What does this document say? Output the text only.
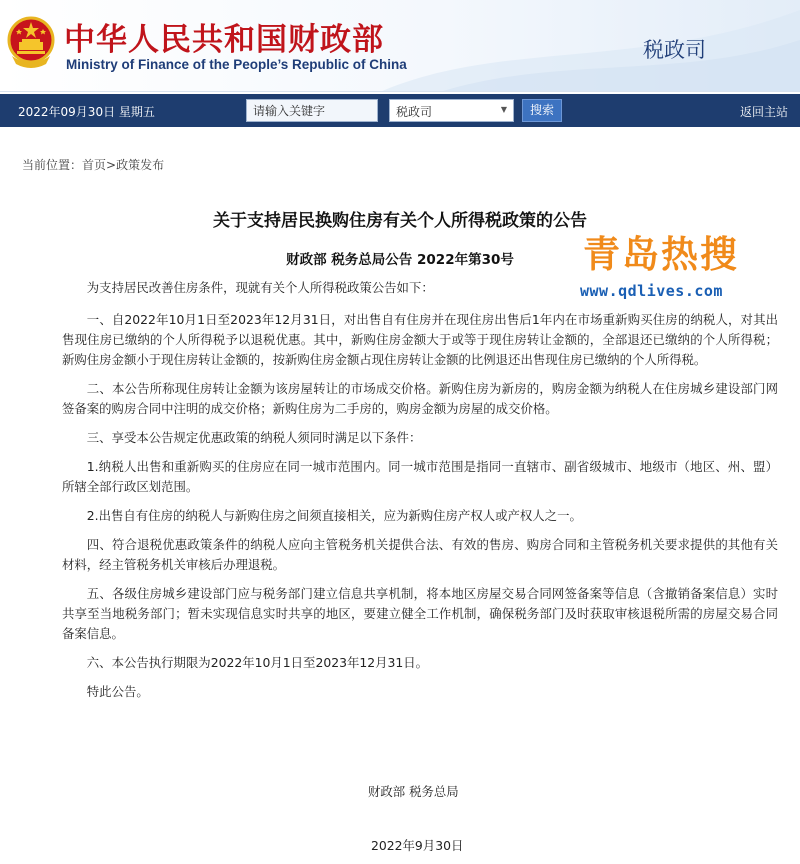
中华人民共和国财政部
Ministry of Finance of the People’s Republic of China
税政司
2022年09月30日 星期五
请输入关键字	税政司	▼	搜索	返回主站
当前位置：首页>政策发布
关于支持居民换购住房有关个人所得税政策的公告
财政部 税务总局公告 2022年第30号

为支持居民改善住房条件，现就有关个人所得税政策公告如下：

一、自2022年10月1日至2023年12月31日，对出售自有住房并在现住房出售后1年内在市场重新购买住房的纳税人，对其出售现住房已缴纳的个人所得税予以退税优惠。其中，新购住房金额大于或等于现住房转让金额的，全部退还已缴纳的个人所得税；新购住房金额小于现住房转让金额的，按新购住房金额占现住房转让金额的比例退还出售现住房已缴纳的个人所得税。

二、本公告所称现住房转让金额为该房屋转让的市场成交价格。新购住房为新房的，购房金额为纳税人在住房城乡建设部门网签备案的购房合同中注明的成交价格；新购住房为二手房的，购房金额为房屋的成交价格。

三、享受本公告规定优惠政策的纳税人须同时满足以下条件：

1.纳税人出售和重新购买的住房应在同一城市范围内。同一城市范围是指同一直辖市、副省级城市、地级市（地区、州、盟）所辖全部行政区划范围。

2.出售自有住房的纳税人与新购住房之间须直接相关，应为新购住房产权人或产权人之一。

四、符合退税优惠政策条件的纳税人应向主管税务机关提供合法、有效的售房、购房合同和主管税务机关要求提供的其他有关材料，经主管税务机关审核后办理退税。

五、各级住房城乡建设部门应与税务部门建立信息共享机制，将本地区房屋交易合同网签备案等信息（含撤销备案信息）实时共享至当地税务部门；暂未实现信息实时共享的地区，要建立健全工作机制，确保税务部门及时获取审核退税所需的房屋交易合同备案信息。

六、本公告执行期限为2022年10月1日至2023年12月31日。

特此公告。

青岛热搜
www.qdlives.com
财政部 税务总局
2022年9月30日
